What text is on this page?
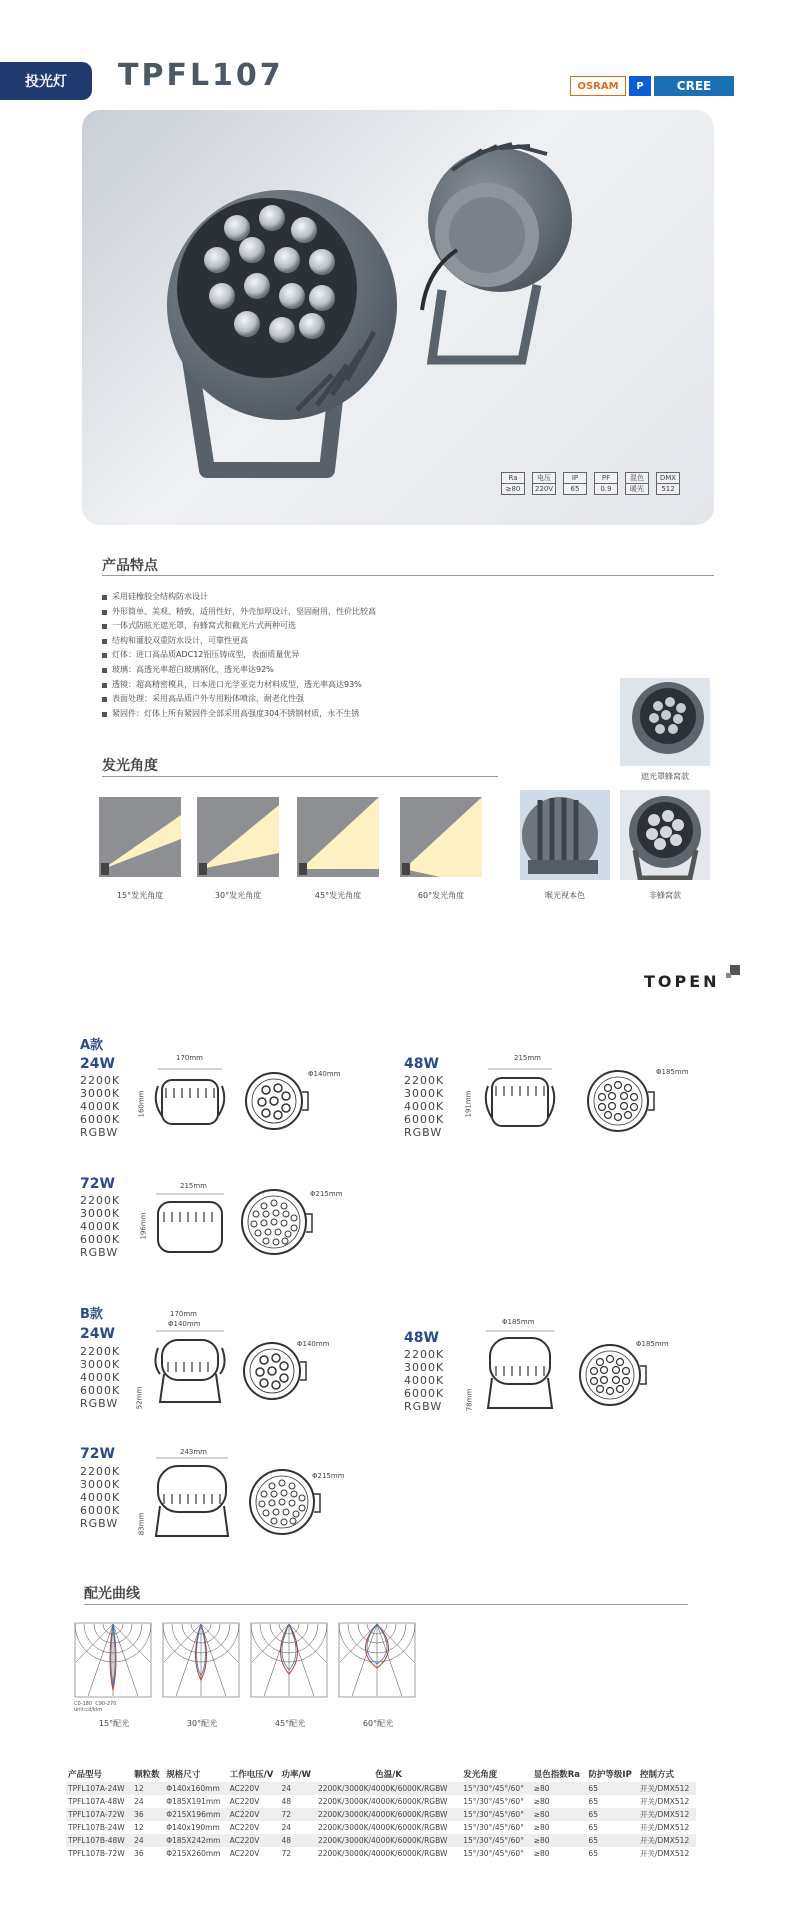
投光灯 TPFL107	OSRAM	P	CREE
Ra
≥80
电压
220V
IP
65
PF
0.9
混色
暖光
DMX
512
产品特点
采用硅橡胶全结构防水设计
外形简单、美观、精致，适用性好，外壳加厚设计，坚固耐用，性价比较高
一体式防眩光遮光罩，有蜂窝式和截光片式两种可选
结构和灌胶双重防水设计，可靠性更高
灯体：进口高品质ADC12铝压铸成型，表面质量优异
玻璃：高透光率超白玻璃钢化，透光率达92%
透镜：超高精密模具，日本进口光学亚克力材料成型，透光率高达93%
表面处理：采用高品质户外专用粉体喷涂，耐老化性强
紧固件：灯体上所有紧固件全部采用高强度304不锈钢材质，永不生锈
遮光罩蜂窝款
发光角度
15°发光角度	30°发光角度	45°发光角度	60°发光角度	喉光视本色	非蜂窝款
TOPEN
A款
24W
2200K
3000K
4000K
6000K
RGBW
170mm
160mm
Φ140mm
48W
2200K
3000K
4000K
6000K
RGBW
215mm
191mm
Φ185mm
72W
2200K
3000K
4000K
6000K
RGBW
215mm
196mm
Φ215mm
B款
24W
2200K
3000K
4000K
6000K
RGBW
170mm
Φ140mm
52mm
Φ140mm	48W
2200K
3000K
4000K
6000K
RGBW
Φ185mm
78mm
Φ185mm
72W
2200K
3000K
4000K
6000K
RGBW
243mm
83mm
Φ215mm
配光曲线
C0-180 C90-270
unit:cd/klm
15°配光	30°配光	45°配光	60°配光
产品型号	颗粒数	规格尺寸	工作电压/V	功率/W	色温/K	发光角度	显色指数Ra	防护等级IP	控制方式
TPFL107A-24W	12	Φ140x160mm	AC220V	24	2200K/3000K/4000K/6000K/RGBW	15°/30°/45°/60°	≥80	65	开关/DMX512
TPFL107A-48W	24	Φ185X191mm	AC220V	48	2200K/3000K/4000K/6000K/RGBW	15°/30°/45°/60°	≥80	65	开关/DMX512
TPFL107A-72W	36	Φ215X196mm	AC220V	72	2200K/3000K/4000K/6000K/RGBW	15°/30°/45°/60°	≥80	65	开关/DMX512
TPFL107B-24W	12	Φ140x190mm	AC220V	24	2200K/3000K/4000K/6000K/RGBW	15°/30°/45°/60°	≥80	65	开关/DMX512
TPFL107B-48W	24	Φ185X242mm	AC220V	48	2200K/3000K/4000K/6000K/RGBW	15°/30°/45°/60°	≥80	65	开关/DMX512
TPFL107B-72W	36	Φ215X260mm	AC220V	72	2200K/3000K/4000K/6000K/RGBW	15°/30°/45°/60°	≥80	65	开关/DMX512
